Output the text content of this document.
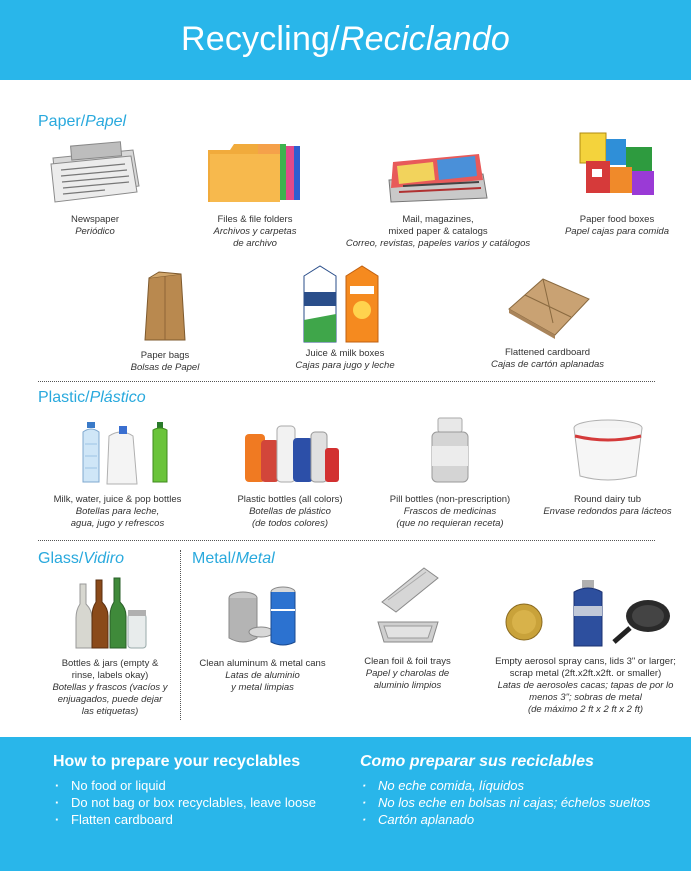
Recycling/Reciclando
Paper/Papel
Newspaper
Periódico
Files & file folders
Archivos y carpetas
de archivo
Mail, magazines,
mixed paper & catalogs
Correo, revistas, papeles varios y catálogos
Paper food boxes
Papel cajas para comida
Paper bags
Bolsas de Papel
Juice & milk boxes
Cajas para jugo y leche
Flattened cardboard
Cajas de cartón aplanadas
Plastic/Plástico
Milk, water, juice & pop bottles
Botellas para leche,
agua, jugo y refrescos
Plastic bottles (all colors)
Botellas de plástico
(de todos colores)
Pill bottles (non-prescription)
Frascos de medicinas
(que no requieran receta)
Round dairy tub
Envase redondos para lácteos
Glass/Vidiro
Bottles & jars (empty &
rinse, labels okay)
Botellas y frascos (vacíos y
enjuagados, puede dejar
las etiquetas)
Metal/Metal
Clean aluminum & metal cans
Latas de aluminio
y metal limpias
Clean foil & foil trays
Papel y charolas de
aluminio limpios
Empty aerosol spray cans, lids 3" or larger;
scrap metal (2ft.x2ft.x2ft. or smaller)
Latas de aerosoles cacas; tapas de por lo
menos 3"; sobras de metal
(de máximo 2 ft x 2 ft x 2 ft)
How to prepare your recyclables
· No food or liquid
· Do not bag or box recyclables, leave loose
· Flatten cardboard
Como preparar sus reciclables
· No eche comida, líquidos
· No los eche en bolsas ni cajas; échelos sueltos
· Cartón aplanado
